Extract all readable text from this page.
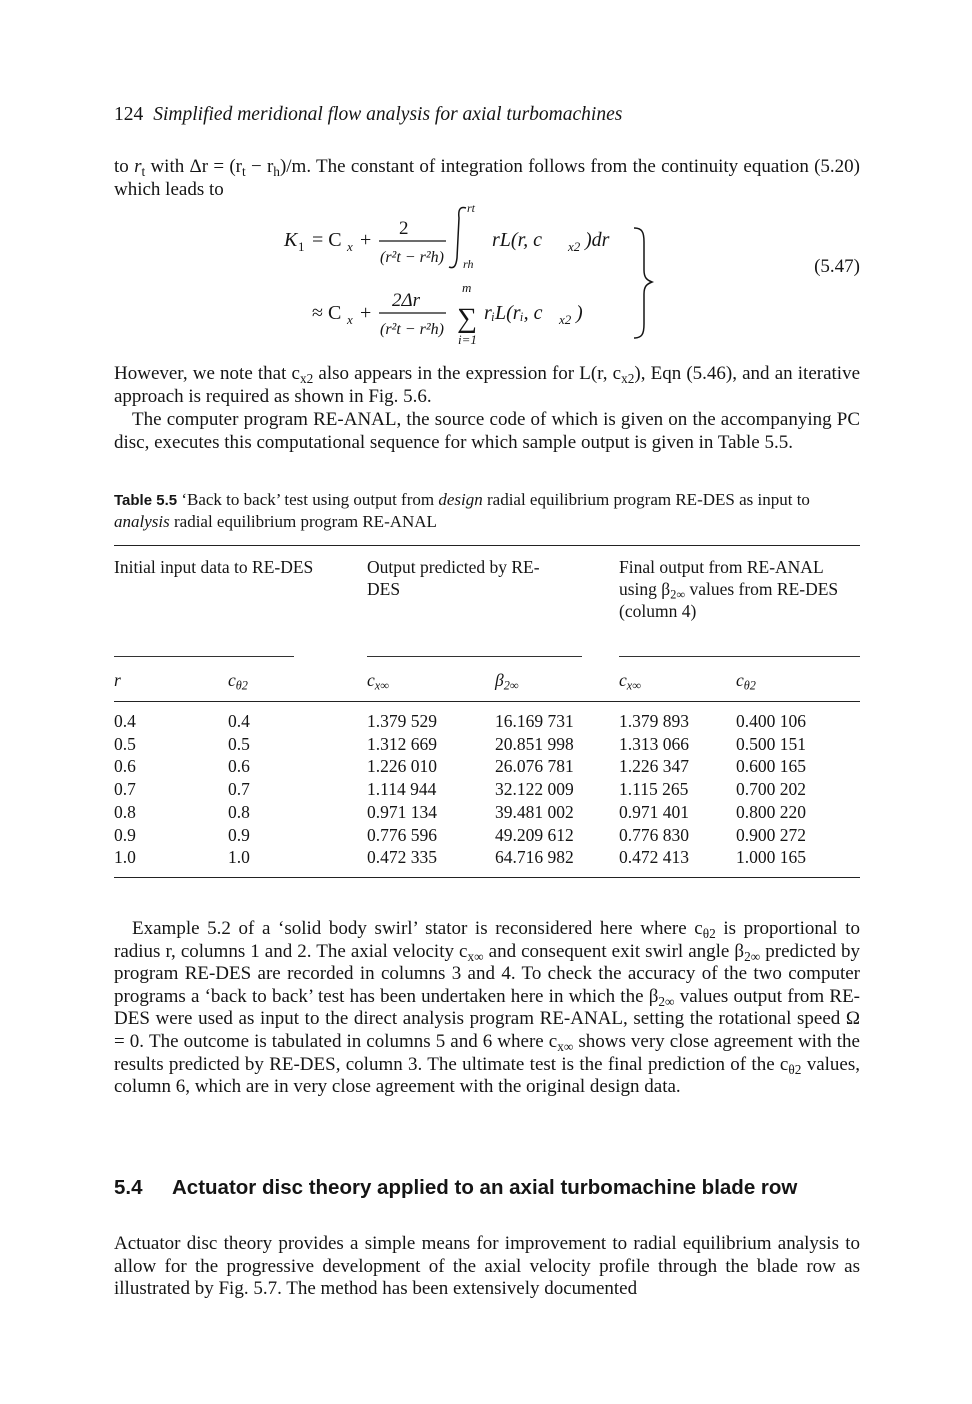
124 Simplified meridional flow analysis for axial turbomachines
to $r_t$ with $\Delta r = (r_t - r_h)/m$. The constant of integration follows from the continuity equation (5.20) which leads to
K 1 = C x +
2
(r²t − r²h)
rt
rh
rL(r, c x2 )dr
≈ C x +
2Δr
(r²t − r²h) ∑
m
i=1
rᵢL(rᵢ, c x2 )
(5.47)
However, we note that $c_{x2}$ also appears in the expression for L(r, $c_{x2}$), Eqn (5.46), and an iterative approach is required as shown in Fig. 5.6.
The computer program RE-ANAL, the source code of which is given on the accompanying PC disc, executes this computational sequence for which sample output is given in Table 5.5.
Table 5.5 ‘Back to back’ test using output from design radial equilibrium program RE-DES as input to analysis radial equilibrium program RE-ANAL
Initial input data to RE-DES	Output predicted by RE-DES
Final output from RE-ANAL using $\beta_{2\infty}$ values from RE-DES (column 4)
r	$c_{\theta 2}$	$c_{x\infty}$	$\beta_{2\infty}$	$c_{x\infty}$	$c_{\theta 2}$
0.4	0.4	1.379 529	16.169 731	1.379 893	0.400 106
0.5	0.5	1.312 669	20.851 998	1.313 066	0.500 151
0.6	0.6	1.226 010	26.076 781	1.226 347	0.600 165
0.7	0.7	1.114 944	32.122 009	1.115 265	0.700 202
0.8	0.8	0.971 134	39.481 002	0.971 401	0.800 220
0.9	0.9	0.776 596	49.209 612	0.776 830	0.900 272
1.0	1.0	0.472 335	64.716 982	0.472 413	1.000 165
Example 5.2 of a ‘solid body swirl’ stator is reconsidered here where $c_{\theta 2}$ is proportional to radius r, columns 1 and 2. The axial velocity $c_{x\infty}$ and consequent exit swirl angle $\beta_{2\infty}$ predicted by program RE-DES are recorded in columns 3 and 4. To check the accuracy of the two computer programs a ‘back to back’ test has been undertaken here in which the $\beta_{2\infty}$ values output from RE-DES were used as input to the direct analysis program RE-ANAL, setting the rotational speed Ω = 0. The outcome is tabulated in columns 5 and 6 where $c_{x\infty}$ shows very close agreement with the results predicted by RE-DES, column 3. The ultimate test is the final prediction of the $c_{\theta 2}$ values, column 6, which are in very close agreement with the original design data.
5.4 Actuator disc theory applied to an axial turbomachine blade row
Actuator disc theory provides a simple means for improvement to radial equilibrium analysis to allow for the progressive development of the axial velocity profile through the blade row as illustrated by Fig. 5.7. The method has been extensively documented
